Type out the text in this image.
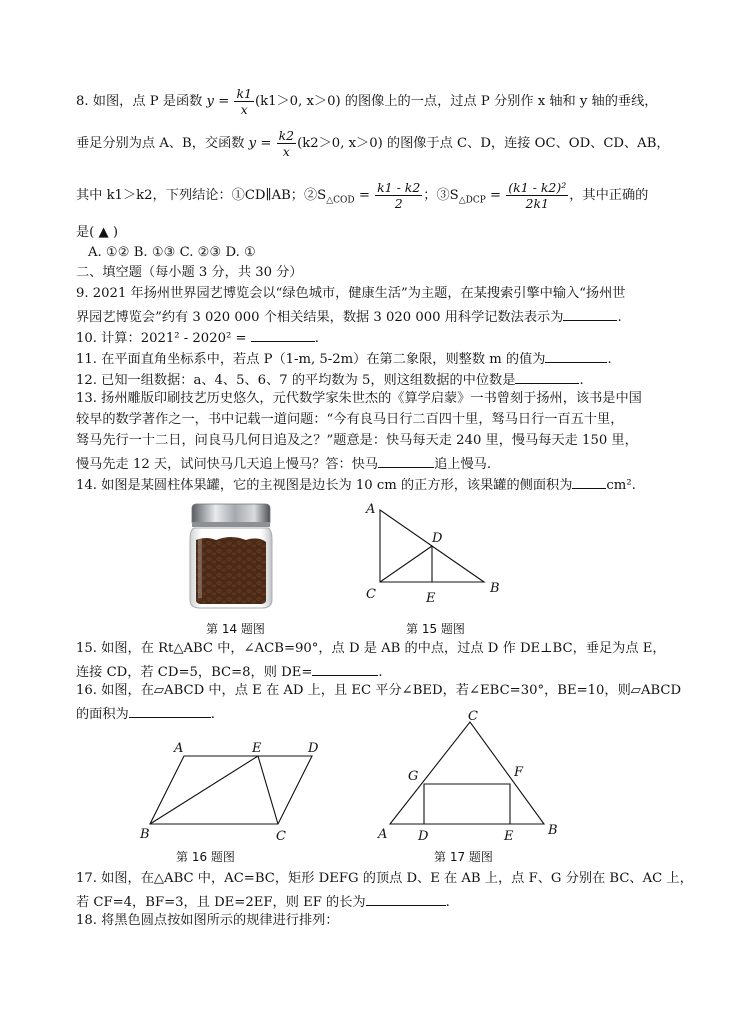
8. 如图，点 P 是函数 $y = \frac{k1}{x} (k1>0$, x＞0) 的图像上的一点，过点 P 分别作 x 轴和 y 轴的垂线，
垂足分别为点 A、B，交函数 $y = \frac{k2}{x} (k2>0$, x＞0) 的图像于点 C、D，连接 OC、OD、CD、AB，
其中 k1＞k2，下列结论：①CD∥AB；$②S_{\triangle COD} = \frac{k1 - k2}{2}$ ；$③S_{\triangle DCP} = \frac{\text{(k1 - k2)²}}{2k1}$ ，其中正确的
是( ▲ )
A. ①② B. ①③ C. ②③ D. ①
二、填空题（每小题 3 分，共 30 分）
9. 2021 年扬州世界园艺博览会以“绿色城市，健康生活”为主题，在某搜索引擎中输入“扬州世
界园艺博览会”约有 3 020 000 个相关结果，数据 3 020 000 用科学记数法表示为	.
10. 计算：2021² - 2020² =	.
11. 在平面直角坐标系中，若点 P（1-m, 5-2m）在第二象限，则整数 m 的值为	.
12. 已知一组数据：a、4、5、6、7 的平均数为 5，则这组数据的中位数是	.
13. 扬州雕版印刷技艺历史悠久，元代数学家朱世杰的《算学启蒙》一书曾刻于扬州，该书是中国
较早的数学著作之一，书中记载一道问题：“今有良马日行二百四十里，驽马日行一百五十里，
驽马先行一十二日，问良马几何日追及之？”题意是：快马每天走 240 里，慢马每天走 150 里，
慢马先走 12 天，试问快马几天追上慢马？答：快马	追上慢马.
14. 如图是某圆柱体果罐，它的主视图是边长为 10 cm 的正方形，该果罐的侧面积为	cm².
第 14 题图
A
B
C
D
E
第 15 题图
15. 如图，在 Rt△ABC 中，∠ACB=90°，点 D 是 AB 的中点，过点 D 作 DE⊥BC，垂足为点 E，
连接 CD，若 CD=5，BC=8，则 DE=	.
16. 如图，在▱ABCD 中，点 E 在 AD 上，且 EC 平分∠BED，若∠EBC=30°，BE=10，则▱ABCD
的面积为	.
A	E	D
B	C
第 16 题图
C
G	F
A D	E	B
第 17 题图
17. 如图，在△ABC 中，AC=BC，矩形 DEFG 的顶点 D、E 在 AB 上，点 F、G 分别在 BC、AC 上，
若 CF=4，BF=3，且 DE=2EF，则 EF 的长为	.
18. 将黑色圆点按如图所示的规律进行排列：
